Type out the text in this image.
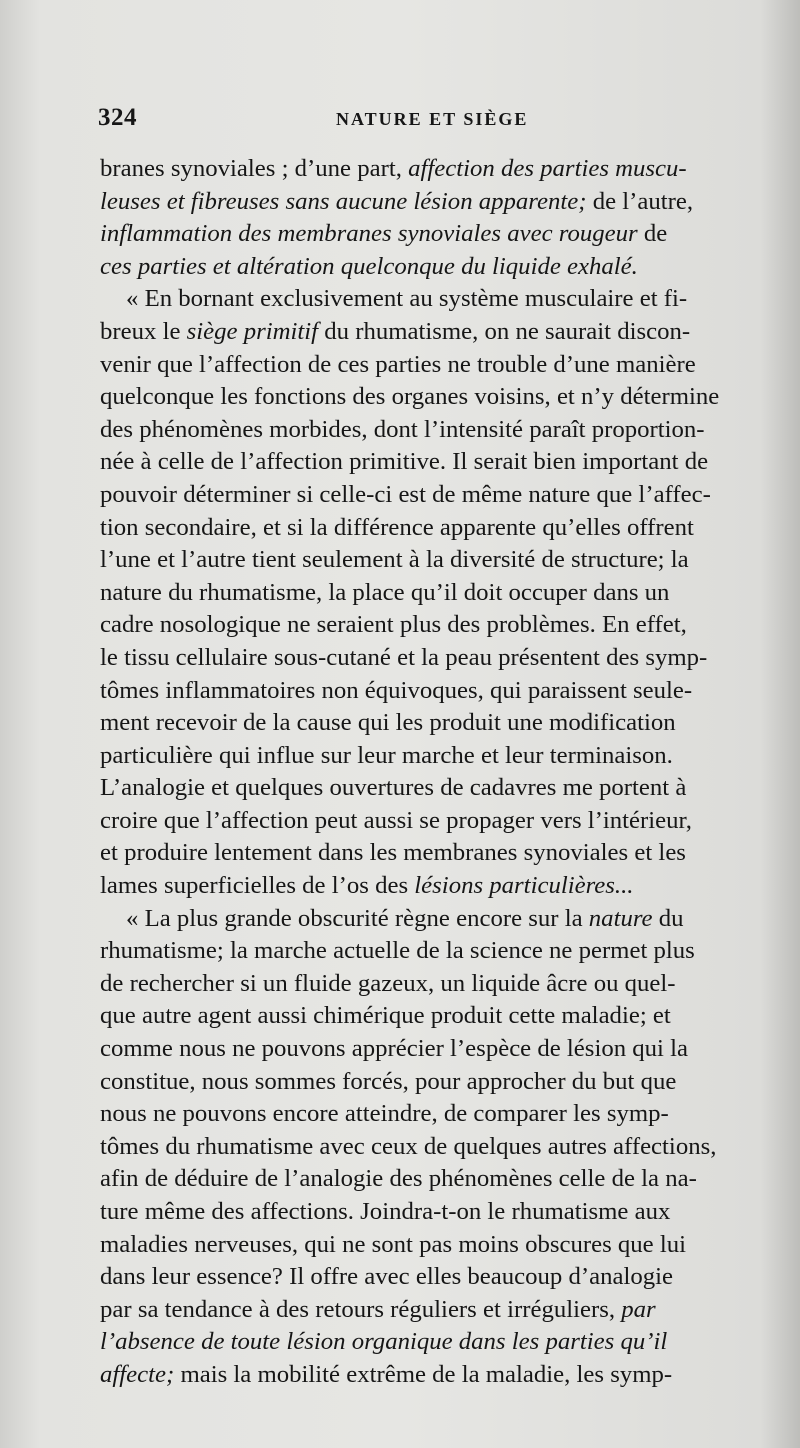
324	NATURE ET SIÈGE
branes synoviales ; d’une part, affection des parties muscu-
leuses et fibreuses sans aucune lésion apparente; de l’autre,
inflammation des membranes synoviales avec rougeur de
ces parties et altération quelconque du liquide exhalé.
« En bornant exclusivement au système musculaire et fi-
breux le siège primitif du rhumatisme, on ne saurait discon-
venir que l’affection de ces parties ne trouble d’une manière
quelconque les fonctions des organes voisins, et n’y détermine
des phénomènes morbides, dont l’intensité paraît proportion-
née à celle de l’affection primitive. Il serait bien important de
pouvoir déterminer si celle-ci est de même nature que l’affec-
tion secondaire, et si la différence apparente qu’elles offrent
l’une et l’autre tient seulement à la diversité de structure; la
nature du rhumatisme, la place qu’il doit occuper dans un
cadre nosologique ne seraient plus des problèmes. En effet,
le tissu cellulaire sous-cutané et la peau présentent des symp-
tômes inflammatoires non équivoques, qui paraissent seule-
ment recevoir de la cause qui les produit une modification
particulière qui influe sur leur marche et leur terminaison.
L’analogie et quelques ouvertures de cadavres me portent à
croire que l’affection peut aussi se propager vers l’intérieur,
et produire lentement dans les membranes synoviales et les
lames superficielles de l’os des lésions particulières...
« La plus grande obscurité règne encore sur la nature du
rhumatisme; la marche actuelle de la science ne permet plus
de rechercher si un fluide gazeux, un liquide âcre ou quel-
que autre agent aussi chimérique produit cette maladie; et
comme nous ne pouvons apprécier l’espèce de lésion qui la
constitue, nous sommes forcés, pour approcher du but que
nous ne pouvons encore atteindre, de comparer les symp-
tômes du rhumatisme avec ceux de quelques autres affections,
afin de déduire de l’analogie des phénomènes celle de la na-
ture même des affections. Joindra-t-on le rhumatisme aux
maladies nerveuses, qui ne sont pas moins obscures que lui
dans leur essence? Il offre avec elles beaucoup d’analogie
par sa tendance à des retours réguliers et irréguliers, par
l’absence de toute lésion organique dans les parties qu’il
affecte; mais la mobilité extrême de la maladie, les symp-
